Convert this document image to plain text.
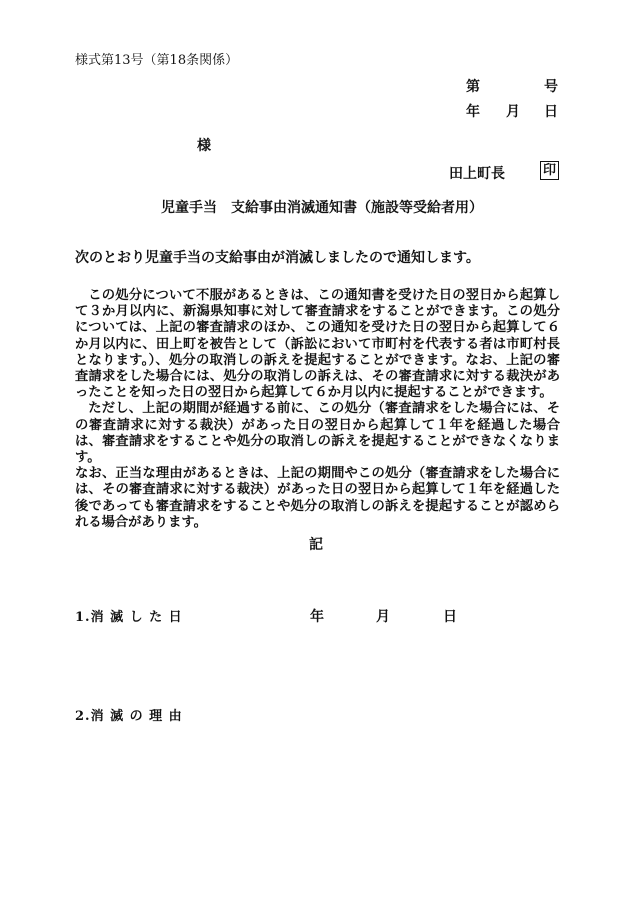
様式第13号（第18条関係）
第	号
年 月 日
様
田上町長	印
児童手当　支給事由消滅通知書（施設等受給者用）
次のとおり児童手当の支給事由が消滅しましたので通知します。

この処分について不服があるときは、この通知書を受けた日の翌日から起算して３か月以内に、新潟県知事に対して審査請求をすることができます。この処分については、上記の審査請求のほか、この通知を受けた日の翌日から起算して６か月以内に、田上町を被告として（訴訟において市町村を代表する者は市町村長となります。）、処分の取消しの訴えを提起することができます。なお、上記の審査請求をした場合には、処分の取消しの訴えは、その審査請求に対する裁決があったことを知った日の翌日から起算して６か月以内に提起することができます。

ただし、上記の期間が経過する前に、この処分（審査請求をした場合には、その審査請求に対する裁決）があった日の翌日から起算して１年を経過した場合は、審査請求をすることや処分の取消しの訴えを提起することができなくなります。

なお、正当な理由があるときは、上記の期間やこの処分（審査請求をした場合には、その審査請求に対する裁決）があった日の翌日から起算して１年を経過した後であっても審査請求をすることや処分の取消しの訴えを提起することが認められる場合があります。

記
1.消 滅 し た 日	年	月	日
2.消 滅 の 理 由
